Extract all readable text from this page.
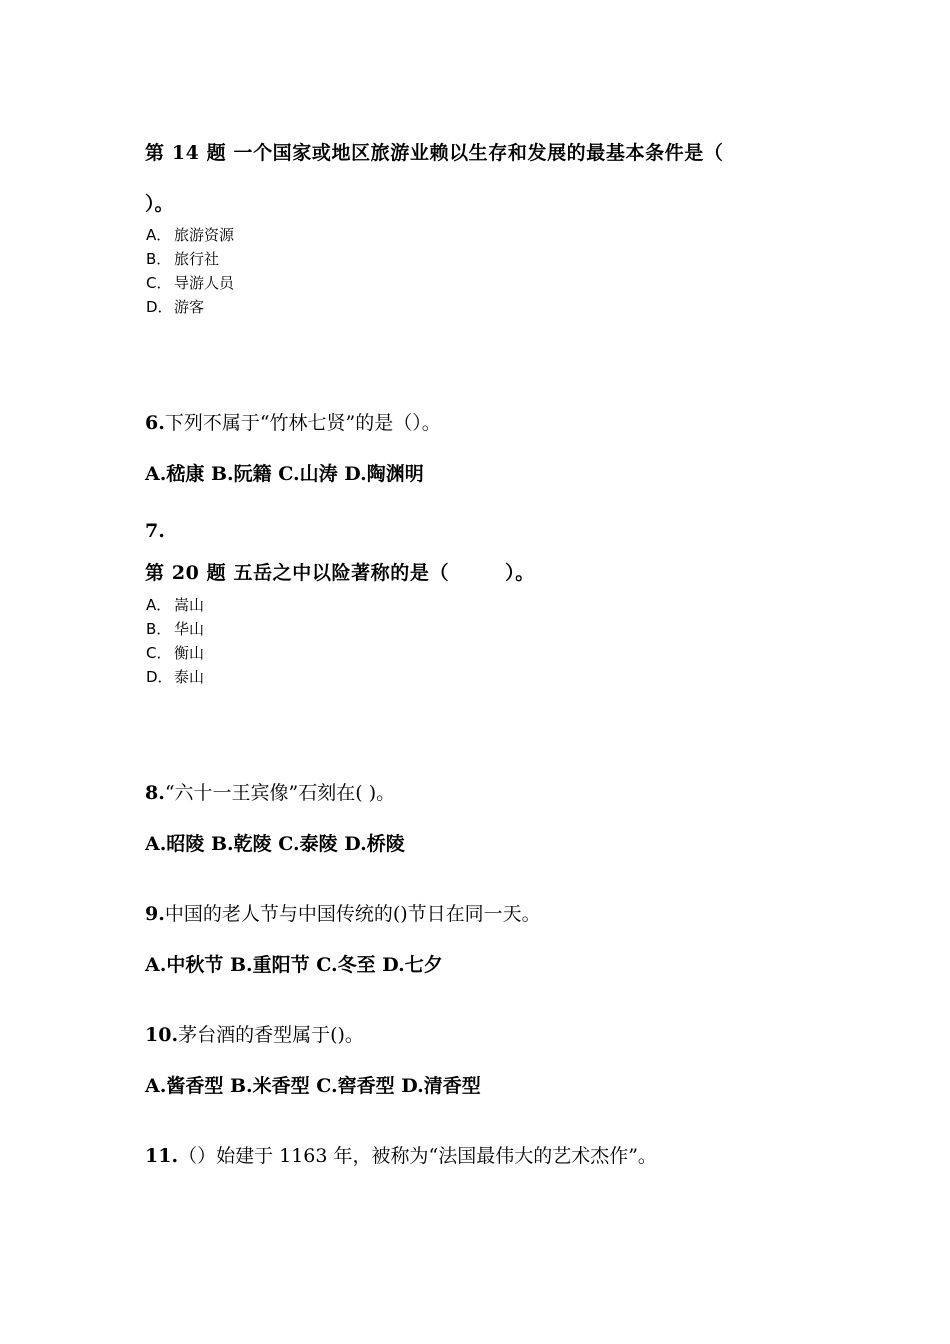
第 14 题 一个国家或地区旅游业赖以生存和发展的最基本条件是（
）。
A． 旅游资源
B． 旅行社
C． 导游人员
D．游客
6.下列不属于“竹林七贤”的是（）。
A.嵇康 B.阮籍 C.山涛 D.陶渊明
7.
第 20 题 五岳之中以险著称的是（	）。
A． 嵩山
B． 华山
C． 衡山
D．泰山
8.“六十一王宾像”石刻在( )。
A.昭陵 B.乾陵 C.泰陵 D.桥陵
9.中国的老人节与中国传统的()节日在同一天。
A.中秋节 B.重阳节 C.冬至 D.七夕
10.茅台酒的香型属于()。
A.酱香型 B.米香型 C.窖香型 D.清香型
11.（）始建于 1163 年，被称为“法国最伟大的艺术杰作”。
